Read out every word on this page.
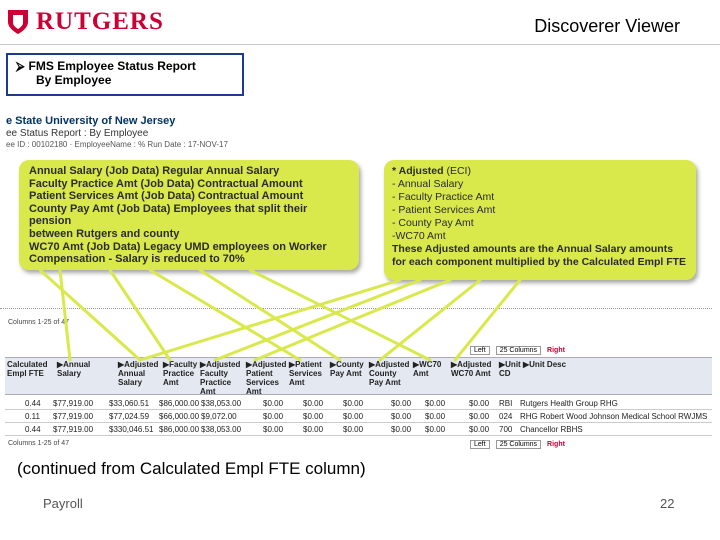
RUTGERS	Discoverer Viewer
⮚ FMS Employee Status Report
By Employee
e State University of New Jersey
ee Status Report : By Employee
ee ID : 00102180 · EmployeeName : % Run Date : 17-NOV-17
Annual Salary (Job Data) Regular Annual Salary
Faculty Practice Amt (Job Data) Contractual Amount
Patient Services Amt (Job Data) Contractual Amount
County Pay Amt (Job Data) Employees that split their pension
between Rutgers and county
WC70 Amt (Job Data) Legacy UMD employees on Worker
Compensation - Salary is reduced to 70%
* Adjusted (ECI)
- Annual Salary
- Faculty Practice Amt
- Patient Services Amt
- County Pay Amt
-WC70 Amt
These Adjusted amounts are the Annual Salary amounts for each component multiplied by the Calculated Empl FTE
Columns 1-25 of 47
Left	25 Columns	Right
Calculated
Empl FTE
▶Annual
Salary
▶Adjusted
Annual
Salary
▶Faculty
Practice
Amt
▶Adjusted
Faculty
Practice
Amt
▶Adjusted
Patient
Services
Amt
▶Patient
Services
Amt
▶County
Pay Amt
▶Adjusted
County
Pay Amt
▶WC70
Amt
▶Adjusted
WC70 Amt
▶Unit
CD
▶Unit Desc
0.44 $77,919.00 $33,060.51 $86,000.00 $38,053.00	$0.00 $0.00 $0.00	$0.00 $0.00	$0.00 RBI Rutgers Health Group RHG
0.11 $77,919.00 $77,024.59 $66,000.00 $9,072.00	$0.00 $0.00 $0.00	$0.00 $0.00	$0.00 024 RHG Robert Wood Johnson Medical School RWJMS
0.44 $77,919.00 $330,046.51 $86,000.00 $38,053.00	$0.00 $0.00 $0.00	$0.00 $0.00	$0.00 700 Chancellor RBHS
Columns 1-25 of 47	Left	25 Columns	Right
(continued from Calculated Empl FTE column)
Payroll	22
